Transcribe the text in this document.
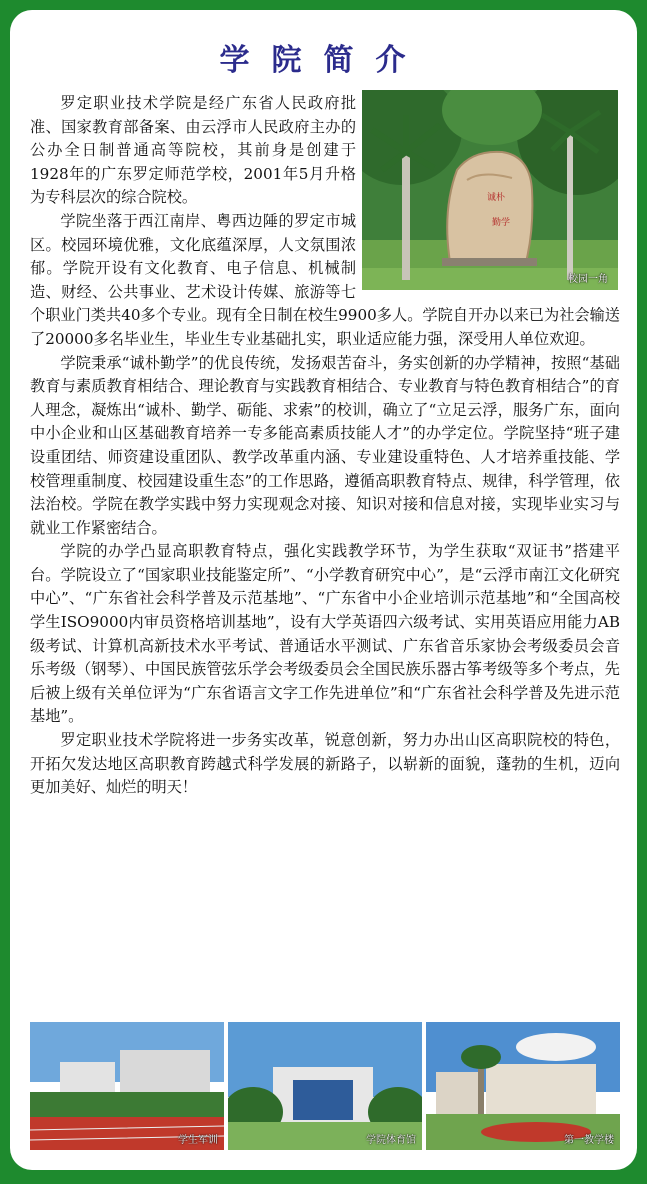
学院简介
诚朴
勤学
校园一角

罗定职业技术学院是经广东省人民政府批准、国家教育部备案、由云浮市人民政府主办的公办全日制普通高等院校，其前身是创建于1928年的广东罗定师范学校，2001年5月升格为专科层次的综合院校。

学院坐落于西江南岸、粤西边陲的罗定市城区。校园环境优雅，文化底蕴深厚，人文氛围浓郁。学院开设有文化教育、电子信息、机械制造、财经、公共事业、艺术设计传媒、旅游等七个职业门类共40多个专业。现有全日制在校生9900多人。学院自开办以来已为社会输送了20000多名毕业生，毕业生专业基础扎实，职业适应能力强，深受用人单位欢迎。

学院秉承“诚朴勤学”的优良传统，发扬艰苦奋斗，务实创新的办学精神，按照“基础教育与素质教育相结合、理论教育与实践教育相结合、专业教育与特色教育相结合”的育人理念，凝炼出“诚朴、勤学、砺能、求索”的校训，确立了“立足云浮，服务广东，面向中小企业和山区基础教育培养一专多能高素质技能人才”的办学定位。学院坚持“班子建设重团结、师资建设重团队、教学改革重内涵、专业建设重特色、人才培养重技能、学校管理重制度、校园建设重生态”的工作思路，遵循高职教育特点、规律，科学管理，依法治校。学院在教学实践中努力实现观念对接、知识对接和信息对接，实现毕业实习与就业工作紧密结合。

学院的办学凸显高职教育特点，强化实践教学环节，为学生获取“双证书”搭建平台。学院设立了“国家职业技能鉴定所”、“小学教育研究中心”，是“云浮市南江文化研究中心”、“广东省社会科学普及示范基地”、“广东省中小企业培训示范基地”和“全国高校学生ISO9000内审员资格培训基地”，设有大学英语四六级考试、实用英语应用能力AB级考试、计算机高新技术水平考试、普通话水平测试、广东省音乐家协会考级委员会音乐考级（钢琴）、中国民族管弦乐学会考级委员会全国民族乐器古筝考级等多个考点，先后被上级有关单位评为“广东省语言文字工作先进单位”和“广东省社会科学普及先进示范基地”。

罗定职业技术学院将进一步务实改革，锐意创新，努力办出山区高职院校的特色，开拓欠发达地区高职教育跨越式科学发展的新路子，以崭新的面貌，蓬勃的生机，迈向更加美好、灿烂的明天！

学生军训	学院体育馆	第一教学楼
